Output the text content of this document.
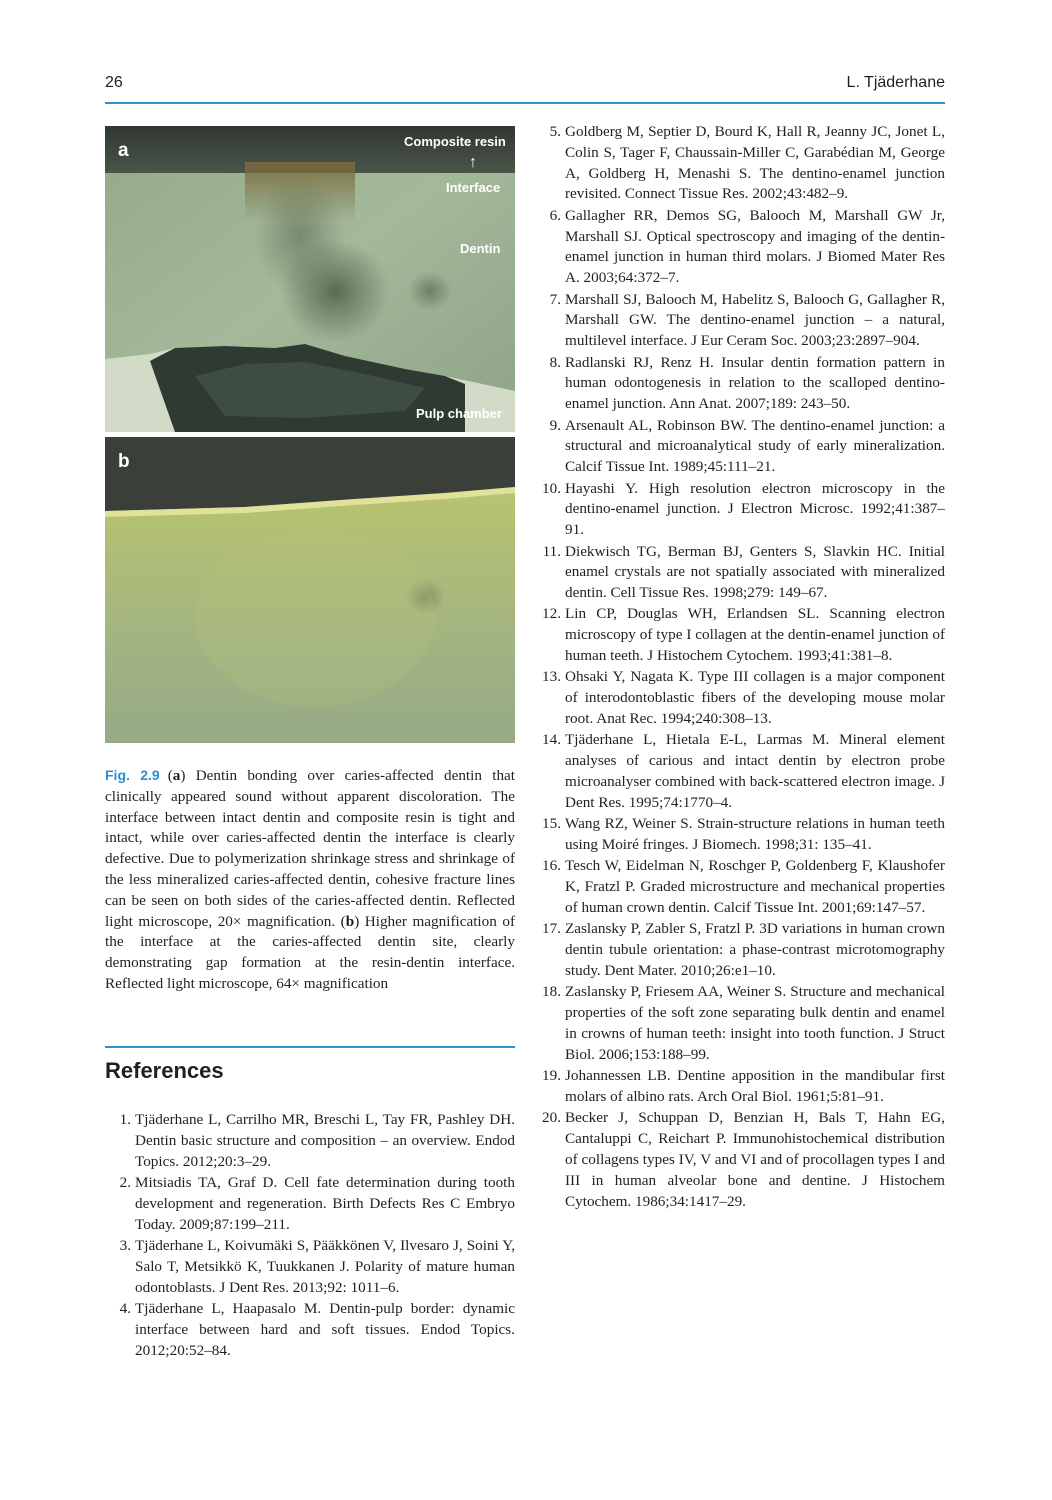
26	L. Tjäderhane
a	Composite resin
↑
Interface
Dentin
Pulp chamber
b

Fig. 2.9 (a) Dentin bonding over caries-affected dentin that clinically appeared sound without apparent discoloration. The interface between intact dentin and composite resin is tight and intact, while over caries-affected dentin the interface is clearly defective. Due to polymerization shrinkage stress and shrinkage of the less mineralized caries-affected dentin, cohesive fracture lines can be seen on both sides of the caries-affected dentin. Reflected light microscope, 20× magnification. (b) Higher magnification of the interface at the caries-affected dentin site, clearly demonstrating gap formation at the resin-dentin interface. Reflected light microscope, 64× magnification

References
1. Tjäderhane L, Carrilho MR, Breschi L, Tay FR, Pashley DH. Dentin basic structure and composition – an overview. Endod Topics. 2012;20:3–29.
2. Mitsiadis TA, Graf D. Cell fate determination during tooth development and regeneration. Birth Defects Res C Embryo Today. 2009;87:199–211.
3. Tjäderhane L, Koivumäki S, Pääkkönen V, Ilvesaro J, Soini Y, Salo T, Metsikkö K, Tuukkanen J. Polarity of mature human odontoblasts. J Dent Res. 2013;92: 1011–6.
4. Tjäderhane L, Haapasalo M. Dentin-pulp border: dynamic interface between hard and soft tissues. Endod Topics. 2012;20:52–84.
5. Goldberg M, Septier D, Bourd K, Hall R, Jeanny JC, Jonet L, Colin S, Tager F, Chaussain-Miller C, Garabédian M, George A, Goldberg H, Menashi S. The dentino-enamel junction revisited. Connect Tissue Res. 2002;43:482–9.
6. Gallagher RR, Demos SG, Balooch M, Marshall GW Jr, Marshall SJ. Optical spectroscopy and imaging of the dentin-enamel junction in human third molars. J Biomed Mater Res A. 2003;64:372–7.
7. Marshall SJ, Balooch M, Habelitz S, Balooch G, Gallagher R, Marshall GW. The dentino-enamel junction – a natural, multilevel interface. J Eur Ceram Soc. 2003;23:2897–904.
8. Radlanski RJ, Renz H. Insular dentin formation pattern in human odontogenesis in relation to the scalloped dentino-enamel junction. Ann Anat. 2007;189: 243–50.
9. Arsenault AL, Robinson BW. The dentino-enamel junction: a structural and microanalytical study of early mineralization. Calcif Tissue Int. 1989;45:111–21.
10. Hayashi Y. High resolution electron microscopy in the dentino-enamel junction. J Electron Microsc. 1992;41:387–91.
11. Diekwisch TG, Berman BJ, Genters S, Slavkin HC. Initial enamel crystals are not spatially associated with mineralized dentin. Cell Tissue Res. 1998;279: 149–67.
12. Lin CP, Douglas WH, Erlandsen SL. Scanning electron microscopy of type I collagen at the dentin-enamel junction of human teeth. J Histochem Cytochem. 1993;41:381–8.
13. Ohsaki Y, Nagata K. Type III collagen is a major component of interodontoblastic fibers of the developing mouse molar root. Anat Rec. 1994;240:308–13.
14. Tjäderhane L, Hietala E-L, Larmas M. Mineral element analyses of carious and intact dentin by electron probe microanalyser combined with back-scattered electron image. J Dent Res. 1995;74:1770–4.
15. Wang RZ, Weiner S. Strain-structure relations in human teeth using Moiré fringes. J Biomech. 1998;31: 135–41.
16. Tesch W, Eidelman N, Roschger P, Goldenberg F, Klaushofer K, Fratzl P. Graded microstructure and mechanical properties of human crown dentin. Calcif Tissue Int. 2001;69:147–57.
17. Zaslansky P, Zabler S, Fratzl P. 3D variations in human crown dentin tubule orientation: a phase-contrast microtomography study. Dent Mater. 2010;26:e1–10.
18. Zaslansky P, Friesem AA, Weiner S. Structure and mechanical properties of the soft zone separating bulk dentin and enamel in crowns of human teeth: insight into tooth function. J Struct Biol. 2006;153:188–99.
19. Johannessen LB. Dentine apposition in the mandibular first molars of albino rats. Arch Oral Biol. 1961;5:81–91.
20. Becker J, Schuppan D, Benzian H, Bals T, Hahn EG, Cantaluppi C, Reichart P. Immunohistochemical distribution of collagens types IV, V and VI and of procollagen types I and III in human alveolar bone and dentine. J Histochem Cytochem. 1986;34:1417–29.
